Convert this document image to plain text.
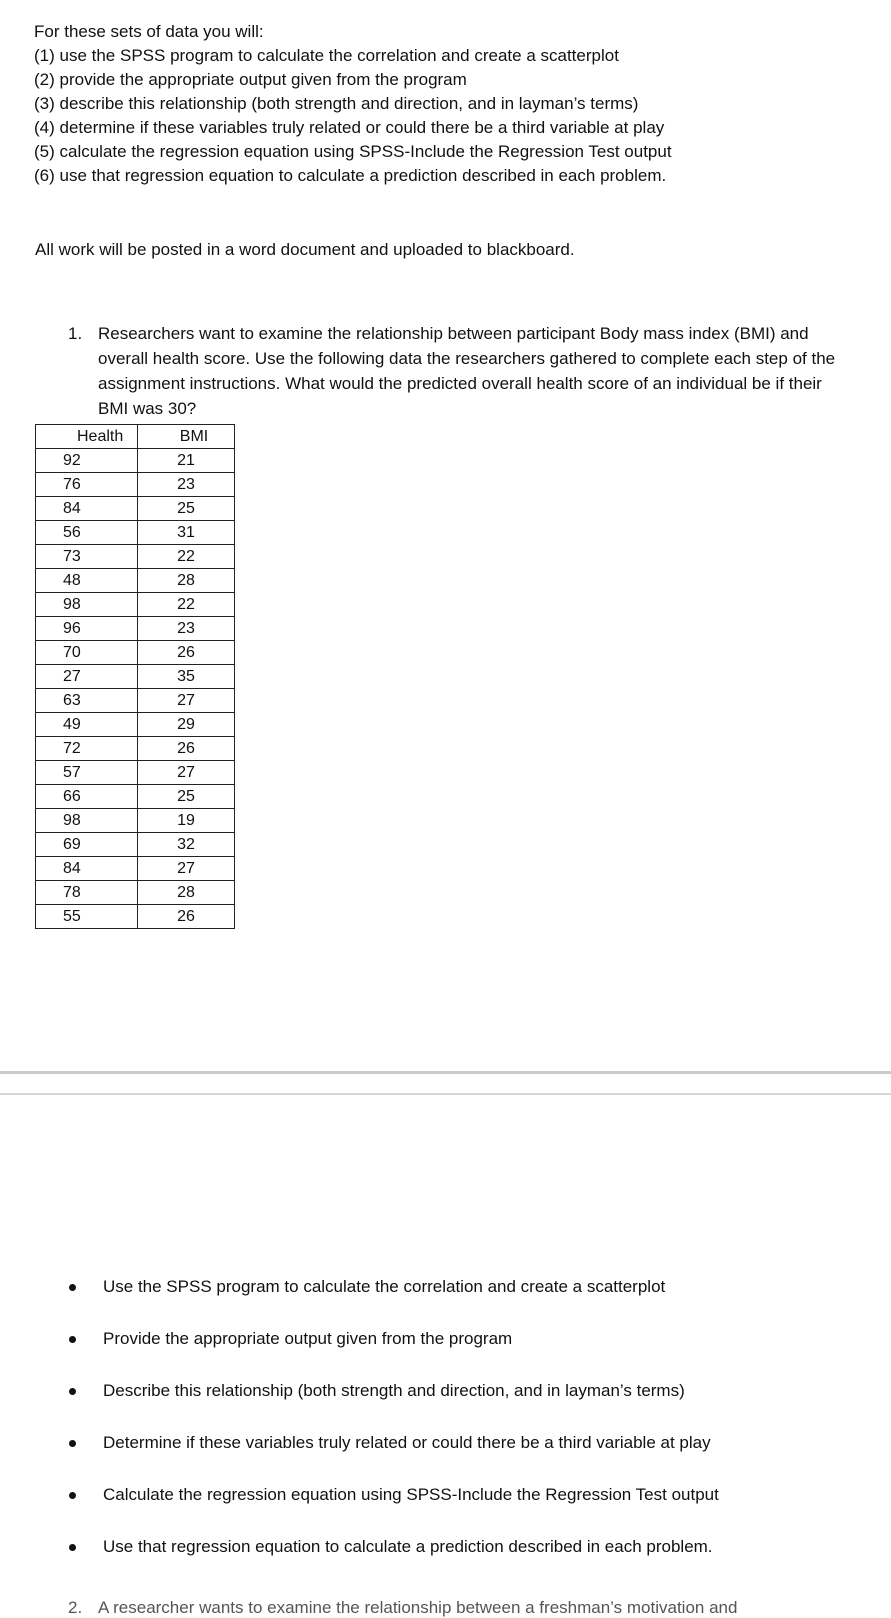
For these sets of data you will:

(1) use the SPSS program to calculate the correlation and create a scatterplot

(2) provide the appropriate output given from the program

(3) describe this relationship (both strength and direction, and in layman’s terms)

(4) determine if these variables truly related or could there be a third variable at play

(5) calculate the regression equation using SPSS-Include the Regression Test output

(6) use that regression equation to calculate a prediction described in each problem.

All work will be posted in a word document and uploaded to blackboard.

1. Researchers want to examine the relationship between participant Body mass index (BMI) and overall health score. Use the following data the researchers gathered to complete each step of the assignment instructions. What would the predicted overall health score of an individual be if their BMI was 30?
Health	BMI
92	21
76	23
84	25
56	31
73	22
48	28
98	22
96	23
70	26
27	35
63	27
49	29
72	26
57	27
66	25
98	19
69	32
84	27
78	28
55	26
Use the SPSS program to calculate the correlation and create a scatterplot
Provide the appropriate output given from the program
Describe this relationship (both strength and direction, and in layman’s terms)
Determine if these variables truly related or could there be a third variable at play
Calculate the regression equation using SPSS-Include the Regression Test output
Use that regression equation to calculate a prediction described in each problem.
2. A researcher wants to examine the relationship between a freshman’s motivation and
